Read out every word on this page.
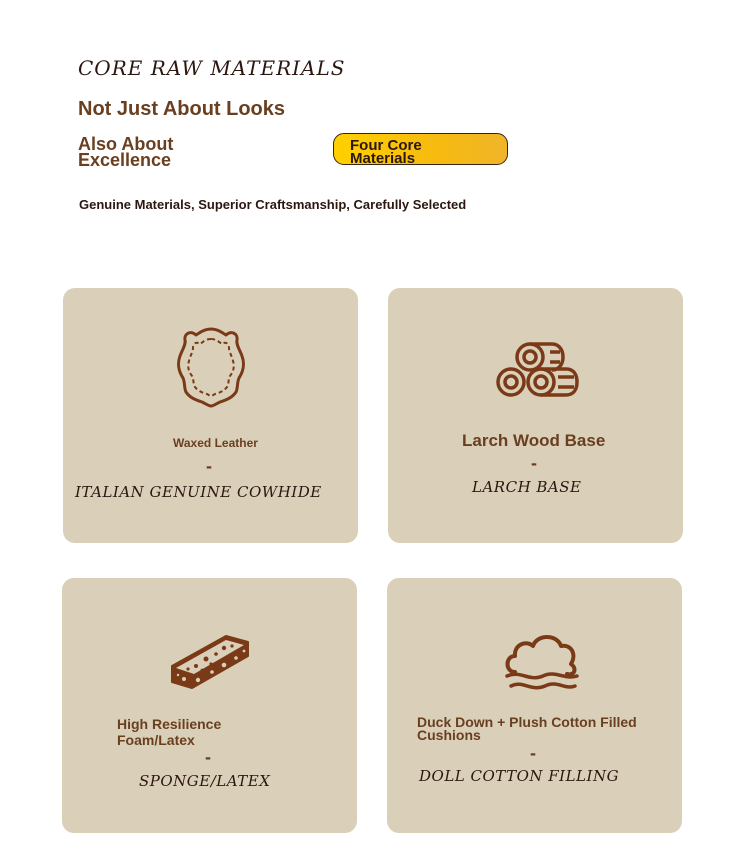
CORE RAW MATERIALS
Not Just About Looks
Also About Excellence
Four Core Materials
Genuine Materials, Superior Craftsmanship, Carefully Selected
Waxed Leather
-
ITALIAN GENUINE COWHIDE
Larch Wood Base
-
LARCH BASE
High Resilience Foam/Latex
-
SPONGE/LATEX
Duck Down + Plush Cotton Filled Cushions
-
DOLL COTTON FILLING
